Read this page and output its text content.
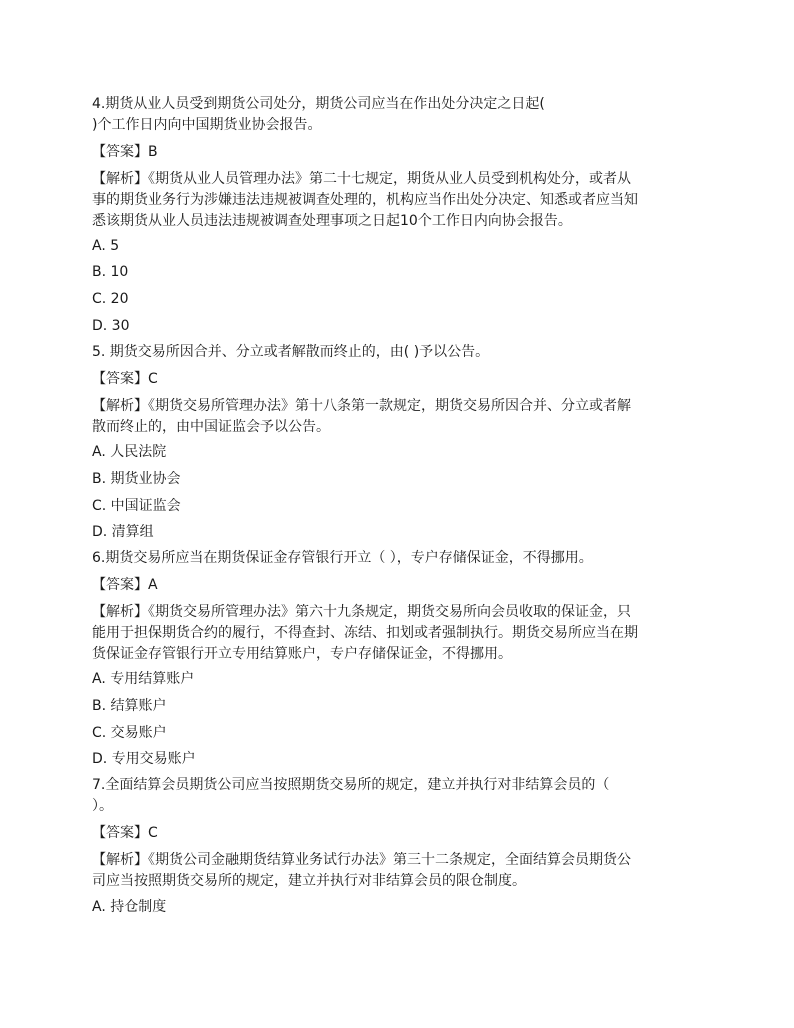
4.期货从业人员受到期货公司处分，期货公司应当在作出处分决定之日起(
)个工作日内向中国期货业协会报告。
【答案】B
【解析】《期货从业人员管理办法》第二十七规定，期货从业人员受到机构处分，或者从
事的期货业务行为涉嫌违法违规被调查处理的，机构应当作出处分决定、知悉或者应当知
悉该期货从业人员违法违规被调查处理事项之日起10个工作日内向协会报告。
A. 5
B. 10
C. 20
D. 30
5. 期货交易所因合并、分立或者解散而终止的，由( )予以公告。
【答案】C
【解析】《期货交易所管理办法》第十八条第一款规定，期货交易所因合并、分立或者解
散而终止的，由中国证监会予以公告。
A. 人民法院
B. 期货业协会
C. 中国证监会
D. 清算组
6.期货交易所应当在期货保证金存管银行开立（ ），专户存储保证金，不得挪用。
【答案】A
【解析】《期货交易所管理办法》第六十九条规定，期货交易所向会员收取的保证金，只
能用于担保期货合约的履行，不得查封、冻结、扣划或者强制执行。期货交易所应当在期
货保证金存管银行开立专用结算账户，专户存储保证金，不得挪用。
A. 专用结算账户
B. 结算账户
C. 交易账户
D. 专用交易账户
7.全面结算会员期货公司应当按照期货交易所的规定，建立并执行对非结算会员的（
）。
【答案】C
【解析】《期货公司金融期货结算业务试行办法》第三十二条规定，全面结算会员期货公
司应当按照期货交易所的规定，建立并执行对非结算会员的限仓制度。
A. 持仓制度
